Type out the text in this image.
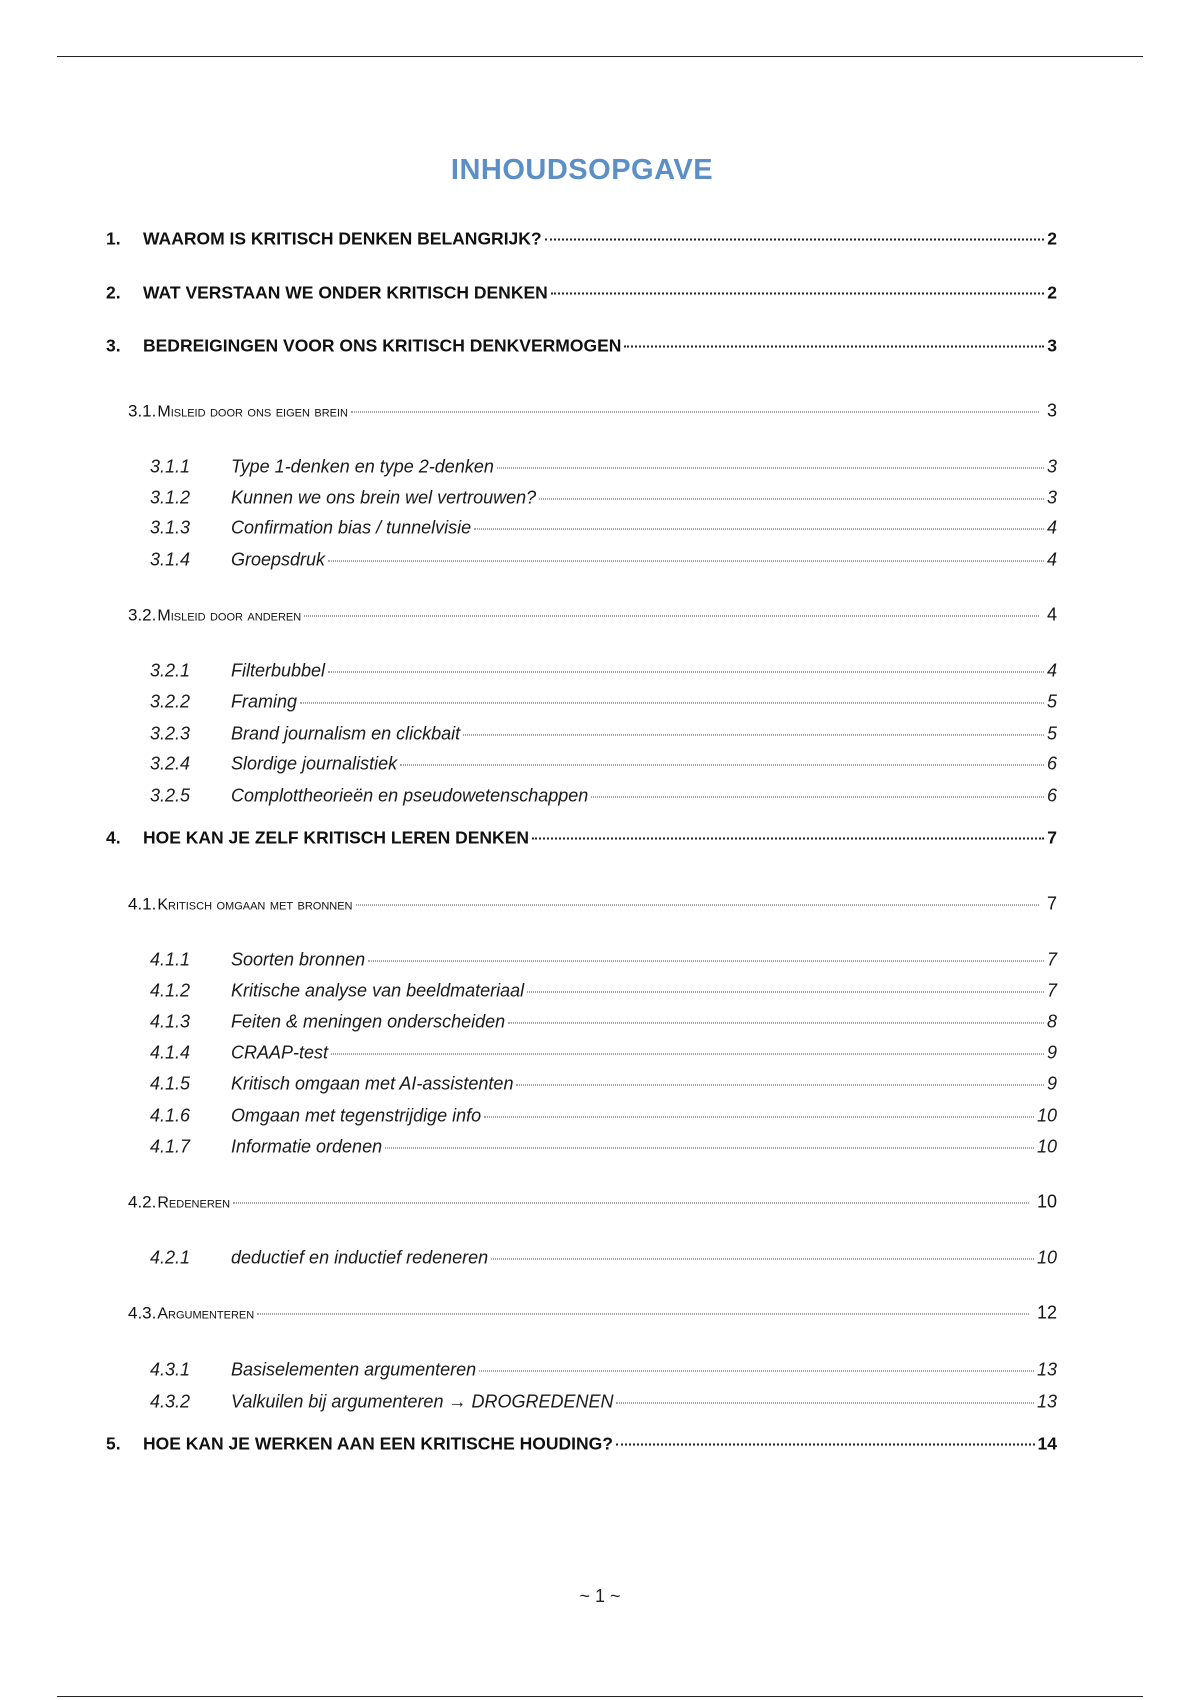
INHOUDSOPGAVE
1.	WAAROM IS KRITISCH DENKEN BELANGRIJK?	2
2.	WAT VERSTAAN WE ONDER KRITISCH DENKEN	2
3.	BEDREIGINGEN VOOR ONS KRITISCH DENKVERMOGEN	3
3.1. Misleid door ons eigen brein	3
3.1.1	Type 1-denken en type 2-denken	3
3.1.2	Kunnen we ons brein wel vertrouwen?	3
3.1.3	Confirmation bias / tunnelvisie	4
3.1.4	Groepsdruk	4
3.2. Misleid door anderen	4
3.2.1	Filterbubbel	4
3.2.2	Framing	5
3.2.3	Brand journalism en clickbait	5
3.2.4	Slordige journalistiek	6
3.2.5	Complottheorieën en pseudowetenschappen	6
4.	HOE KAN JE ZELF KRITISCH LEREN DENKEN	7
4.1. Kritisch omgaan met bronnen	7
4.1.1	Soorten bronnen	7
4.1.2	Kritische analyse van beeldmateriaal	7
4.1.3	Feiten & meningen onderscheiden	8
4.1.4	CRAAP-test	9
4.1.5	Kritisch omgaan met AI-assistenten	9
4.1.6	Omgaan met tegenstrijdige info	10
4.1.7	Informatie ordenen	10
4.2. Redeneren	10
4.2.1	deductief en inductief redeneren	10
4.3. Argumenteren	12
4.3.1	Basiselementen argumenteren	13
4.3.2	Valkuilen bij argumenteren → DROGREDENEN	13
5.	HOE KAN JE WERKEN AAN EEN KRITISCHE HOUDING?	14
~ 1 ~
